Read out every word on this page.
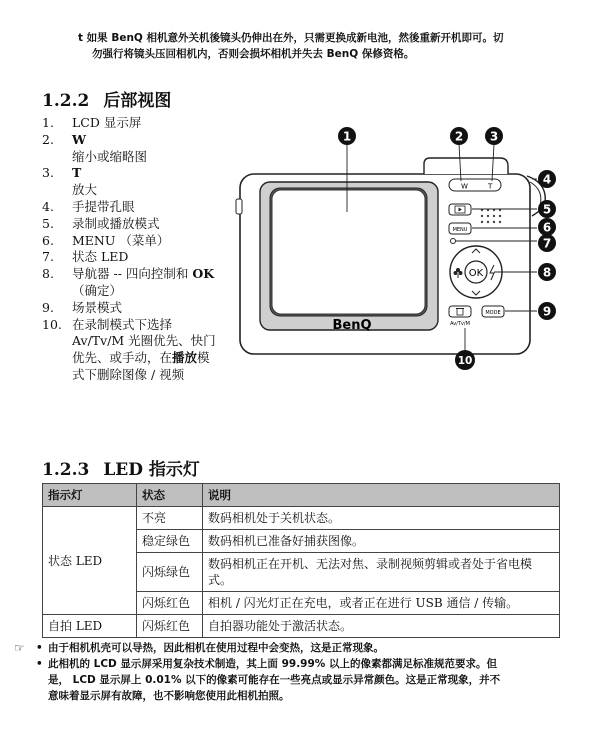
t 如果 BenQ 相机意外关机後镜头仍伸出在外，只需更换成新电池，然後重新开机即可。切
勿强行将镜头压回相机内，否则会损坏相机并失去 BenQ 保修资格。
1.2.2 后部视图
1.	LCD 显示屏
2.	W
缩小或缩略图
3.	T
放大
4.	手提带孔眼
5.	录制或播放模式
6.	MENU （菜单）
7.	状态 LED
8.	导航器 -- 四向控制和 OK
（确定）
9.	场景模式
10. 在录制模式下选择
Av/Tv/M 光圈优先、快门
优先、或手动，在播放模
式下删除图像 / 视频
W	T
BenQ
MENU
OK
Av/Tv/M
MODE
1	2 3
4
5
6
7
8
9
10
1.2.3 LED 指示灯
指示灯	状态	说明
状态 LED	不亮	数码相机处于关机状态。
	稳定绿色	数码相机已准备好捕获图像。
	闪烁绿色	数码相机正在开机、无法对焦、录制视频剪辑或者处于省电模式。
	闪烁红色	相机 / 闪光灯正在充电，或者正在进行 USB 通信 / 传输。
自拍 LED	闪烁红色	自拍器功能处于激活状态。
☞	• 由于相机机壳可以导热，因此相机在使用过程中会变热，这是正常现象。
• 此相机的 LCD 显示屏采用复杂技术制造，其上面 99.99% 以上的像素都满足标准规范要求。但
是， LCD 显示屏上 0.01% 以下的像素可能存在一些亮点或显示异常颜色。这是正常现象，并不
意味着显示屏有故障，也不影响您使用此相机拍照。
